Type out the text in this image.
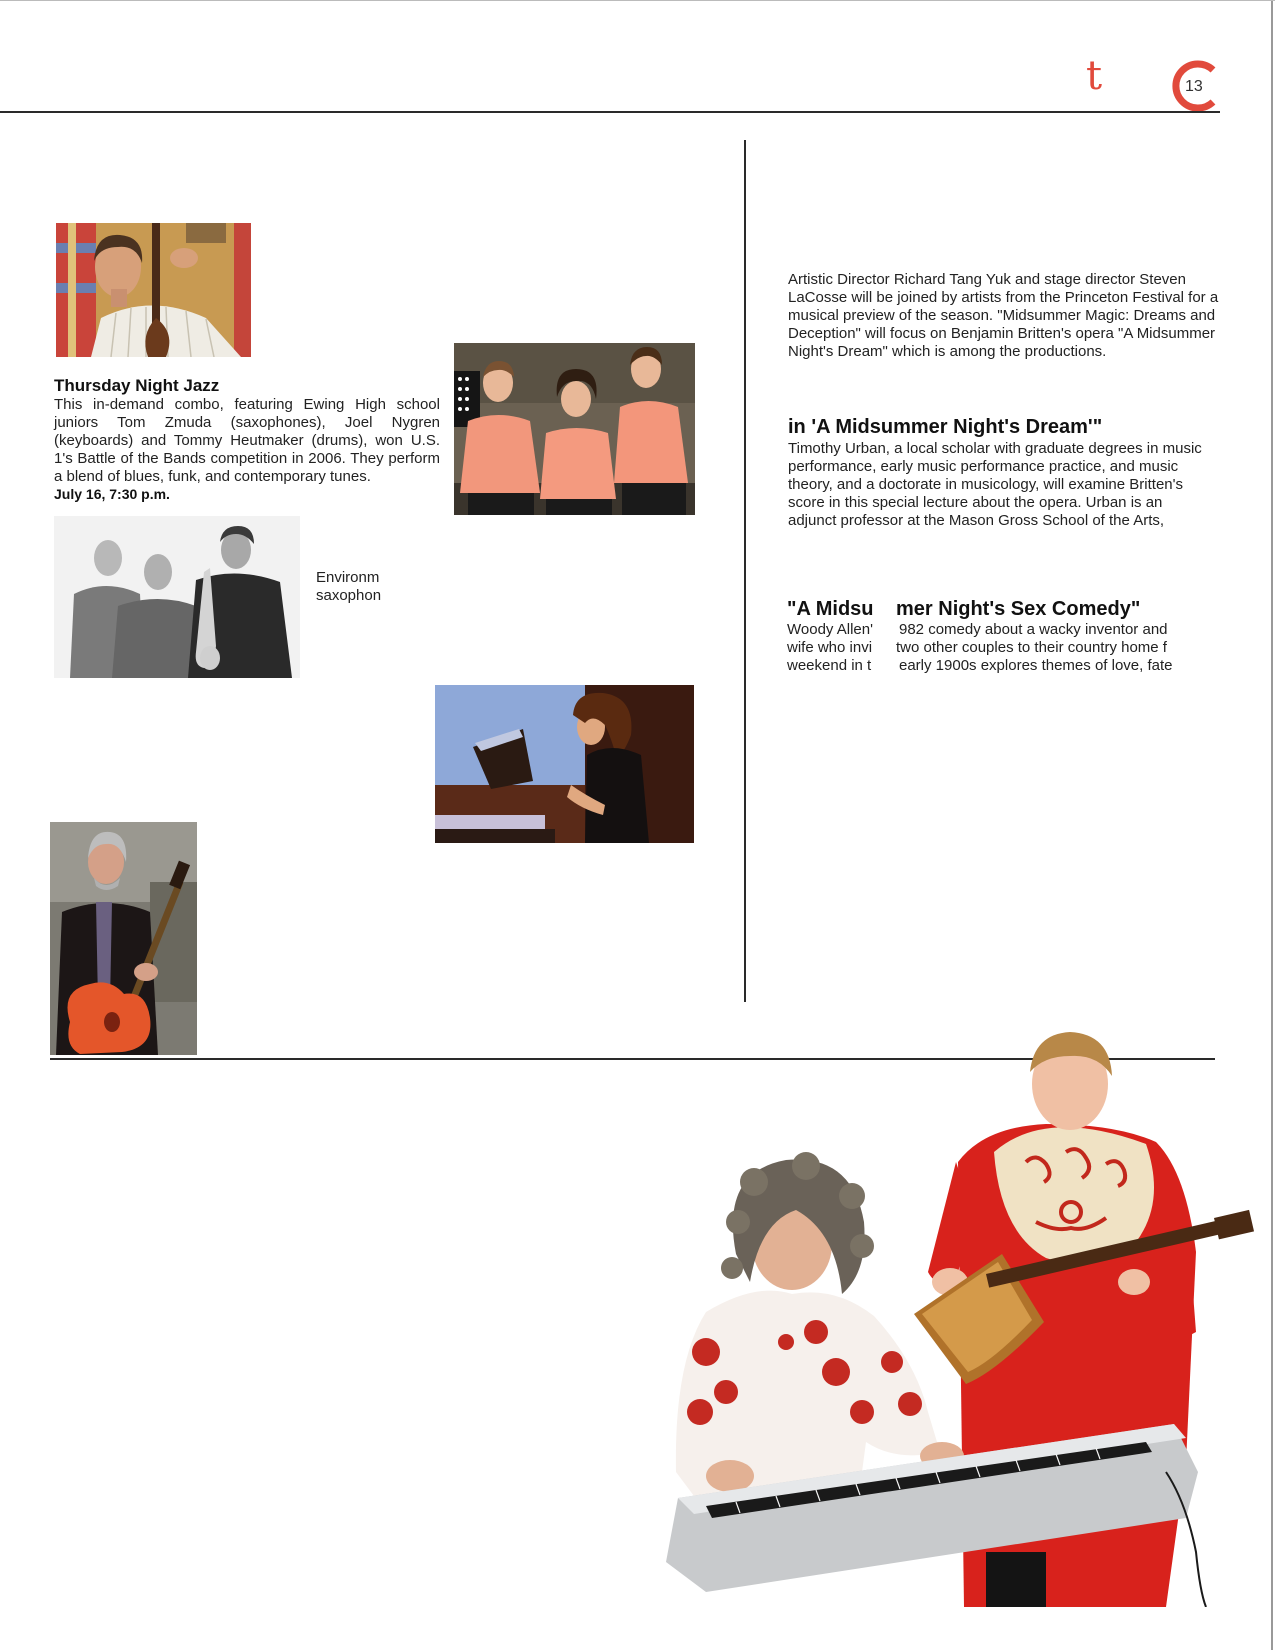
t	13
Thursday Night Jazz
This in-demand combo, featuring Ewing High school juniors Tom Zmuda (saxophones), Joel Nygren (keyboards) and Tommy Heutmaker (drums), won U.S. 1's Battle of the Bands competition in 2006. They perform a blend of blues, funk, and contemporary tunes.
July 16, 7:30 p.m.
Environm
saxophon
Artistic Director Richard Tang Yuk and stage director Steven LaCosse will be joined by artists from the Princeton Festival for a musical preview of the season. "Midsummer Magic: Dreams and Deception" will focus on Benjamin Britten's opera "A Midsummer Night's Dream" which is among the productions.
in 'A Midsummer Night's Dream'"
Timothy Urban, a local scholar with graduate degrees in music performance, early music performance practice, and music theory, and a doctorate in musicology, will examine Britten's score in this special lecture about the opera. Urban is an adjunct professor at the Mason Gross School of the Arts,
"A Midsu mer Night's Sex Comedy"
Woody Allen'
wife who invi
weekend in t
982 comedy about a wacky inventor and
two other couples to their country home f
early 1900s explores themes of love, fate
